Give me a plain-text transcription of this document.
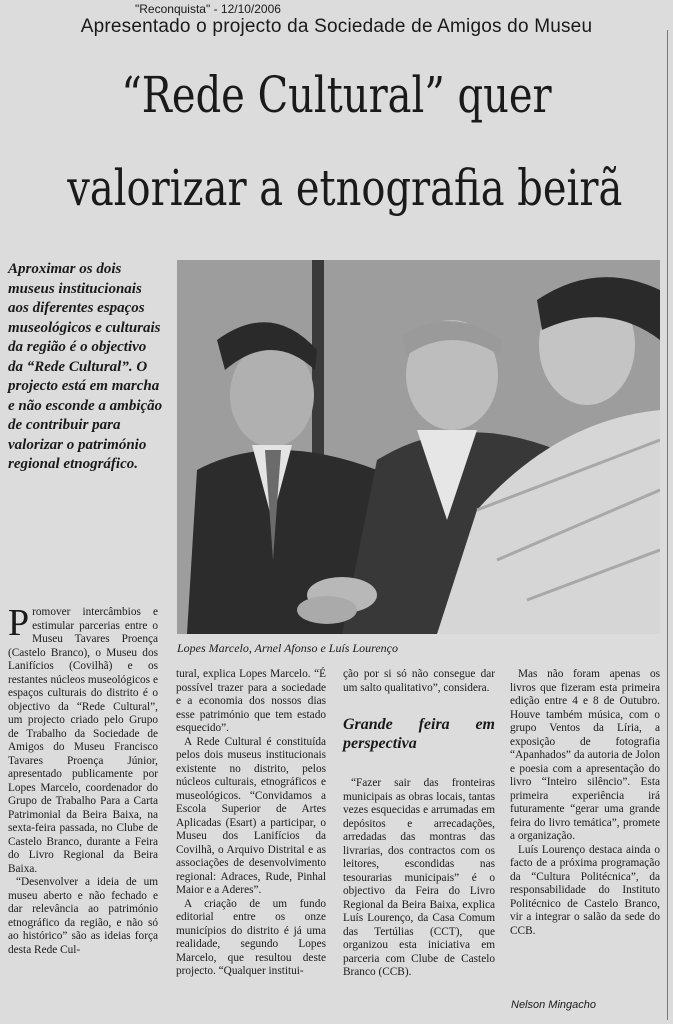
"Reconquista" - 12/10/2006
Apresentado o projecto da Sociedade de Amigos do Museu
“Rede Cultural” quer
valorizar a etnografia beirã

Aproximar os dois museus institucionais aos diferentes espaços museológicos e culturais da região é o objectivo da “Rede Cultural”. O projecto está em marcha e não esconde a ambição de contribuir para valorizar o património regional etnográfico.

Lopes Marcelo, Arnel Afonso e Luís Lourenço

Promover intercâmbios e estimular parcerias entre o Museu Tavares Proença (Castelo Branco), o Museu dos Lanifícios (Covilhã) e os restantes núcleos museológicos e espaços culturais do distrito é o objectivo da “Rede Cultural”, um projecto criado pelo Grupo de Trabalho da Sociedade de Amigos do Museu Francisco Tavares Proença Júnior, apresentado publicamente por Lopes Marcelo, coordenador do Grupo de Trabalho Para a Carta Patrimonial da Beira Baixa, na sexta-feira passada, no Clube de Castelo Branco, durante a Feira do Livro Regional da Beira Baixa.

“Desenvolver a ideia de um museu aberto e não fechado e dar relevância ao património etnográfico da região, e não só ao histórico” são as ideias força desta Rede Cul-

tural, explica Lopes Marcelo. “É possível trazer para a sociedade e a economia dos nossos dias esse património que tem estado esquecido”.

A Rede Cultural é constituída pelos dois museus institucionais existente no distrito, pelos núcleos culturais, etnográficos e museológicos. “Convidamos a Escola Superior de Artes Aplicadas (Esart) a participar, o Museu dos Lanifícios da Covilhã, o Arquivo Distrital e as associações de desenvolvimento regional: Adraces, Rude, Pinhal Maior e a Aderes”.

A criação de um fundo editorial entre os onze municípios do distrito é já uma realidade, segundo Lopes Marcelo, que resultou deste projecto. “Qualquer institui-

ção por si só não consegue dar um salto qualitativo”, considera.

Grande feira em perspectiva

“Fazer sair das fronteiras municipais as obras locais, tantas vezes esquecidas e arrumadas em depósitos e arrecadações, arredadas das montras das livrarias, dos contractos com os leitores, escondidas nas tesourarias municipais” é o objectivo da Feira do Livro Regional da Beira Baixa, explica Luís Lourenço, da Casa Comum das Tertúlias (CCT), que organizou esta iniciativa em parceria com Clube de Castelo Branco (CCB).

Mas não foram apenas os livros que fizeram esta primeira edição entre 4 e 8 de Outubro. Houve também música, com o grupo Ventos da Líria, a exposição de fotografia “Apanhados” da autoria de Jolon e poesia com a apresentação do livro “Inteiro silêncio”. Esta primeira experiência irá futuramente “gerar uma grande feira do livro temática”, promete a organização.

Luís Lourenço destaca ainda o facto de a próxima programação da “Cultura Politécnica”, da responsabilidade do Instituto Politécnico de Castelo Branco, vir a integrar o salão da sede do CCB.

Nelson Mingacho
